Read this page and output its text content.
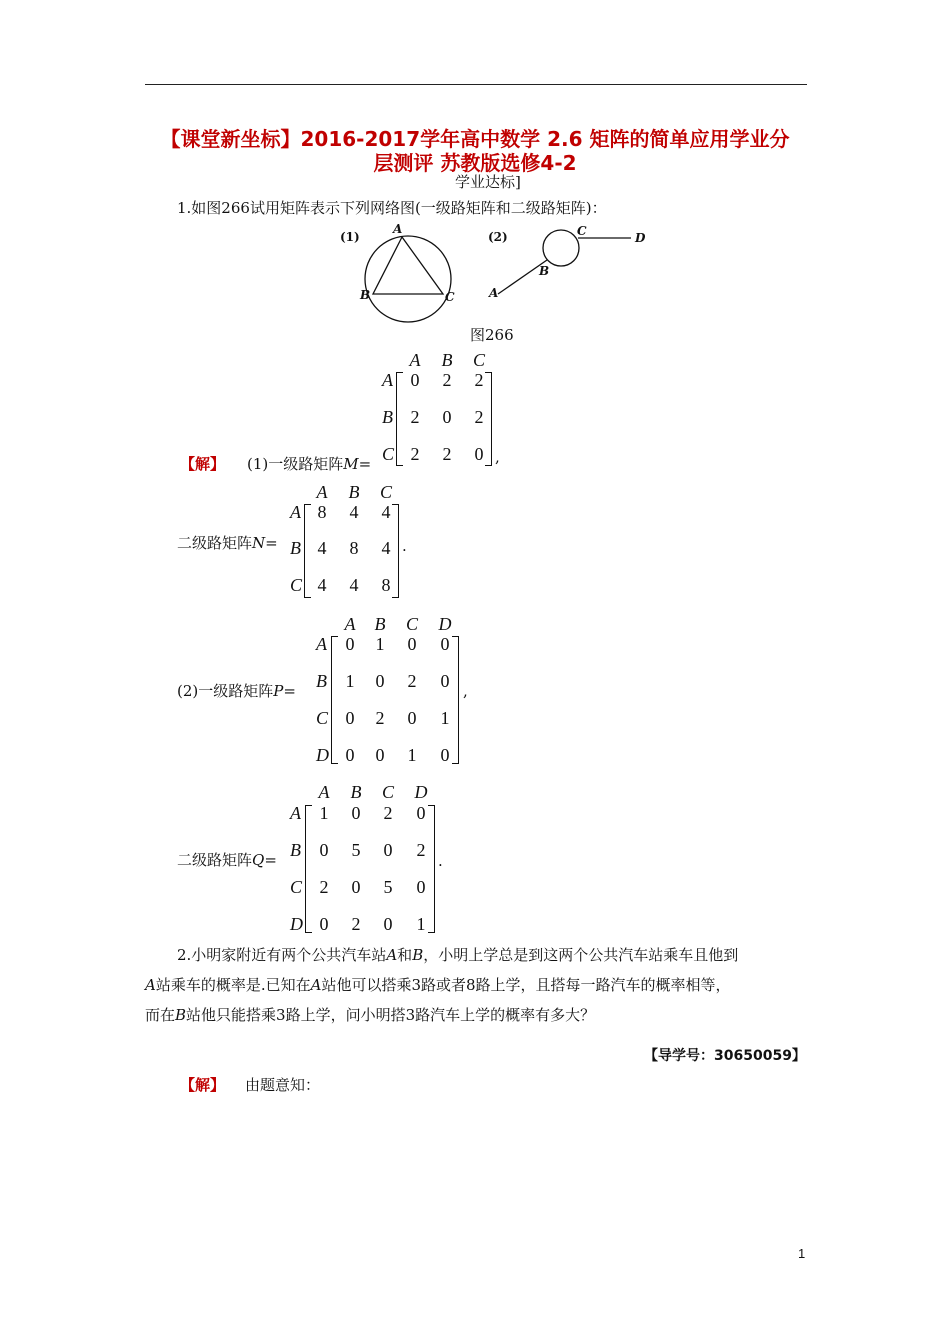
【课堂新坐标】2016-2017学年高中数学 2.6 矩阵的简单应用学业分
层测评 苏教版选修4-2
学业达标]
1.如图266试用矩阵表示下列网络图(一级路矩阵和二级路矩阵)：
(1)
A
B	C
(2)
A
B
C	D
图266
【解】 (1)一级路矩阵M=
A B C
A
B
C
0	2	2
2	0	2
2	2	0 ,
二级路矩阵N=
A B C
A
B
C
8	4	4
4	8	4
4	4	8
.
(2)一级路矩阵P=
A B C D
A
B
C
D
0	1	0	0
1	0	2	0
0	2	0	1
0	0	1	0
,
二级路矩阵Q=
A B C D
A
B
C
D
1	0	2	0
0	5	0	2
2	0	5	0
0	2	0	1
.
2.小明家附近有两个公共汽车站A和B，小明上学总是到这两个公共汽车站乘车且他到
A站乘车的概率是.已知在A站他可以搭乘3路或者8路上学，且搭每一路汽车的概率相等，
而在B站他只能搭乘3路上学，问小明搭3路汽车上学的概率有多大？
【导学号：30650059】
【解】 由题意知：
1
